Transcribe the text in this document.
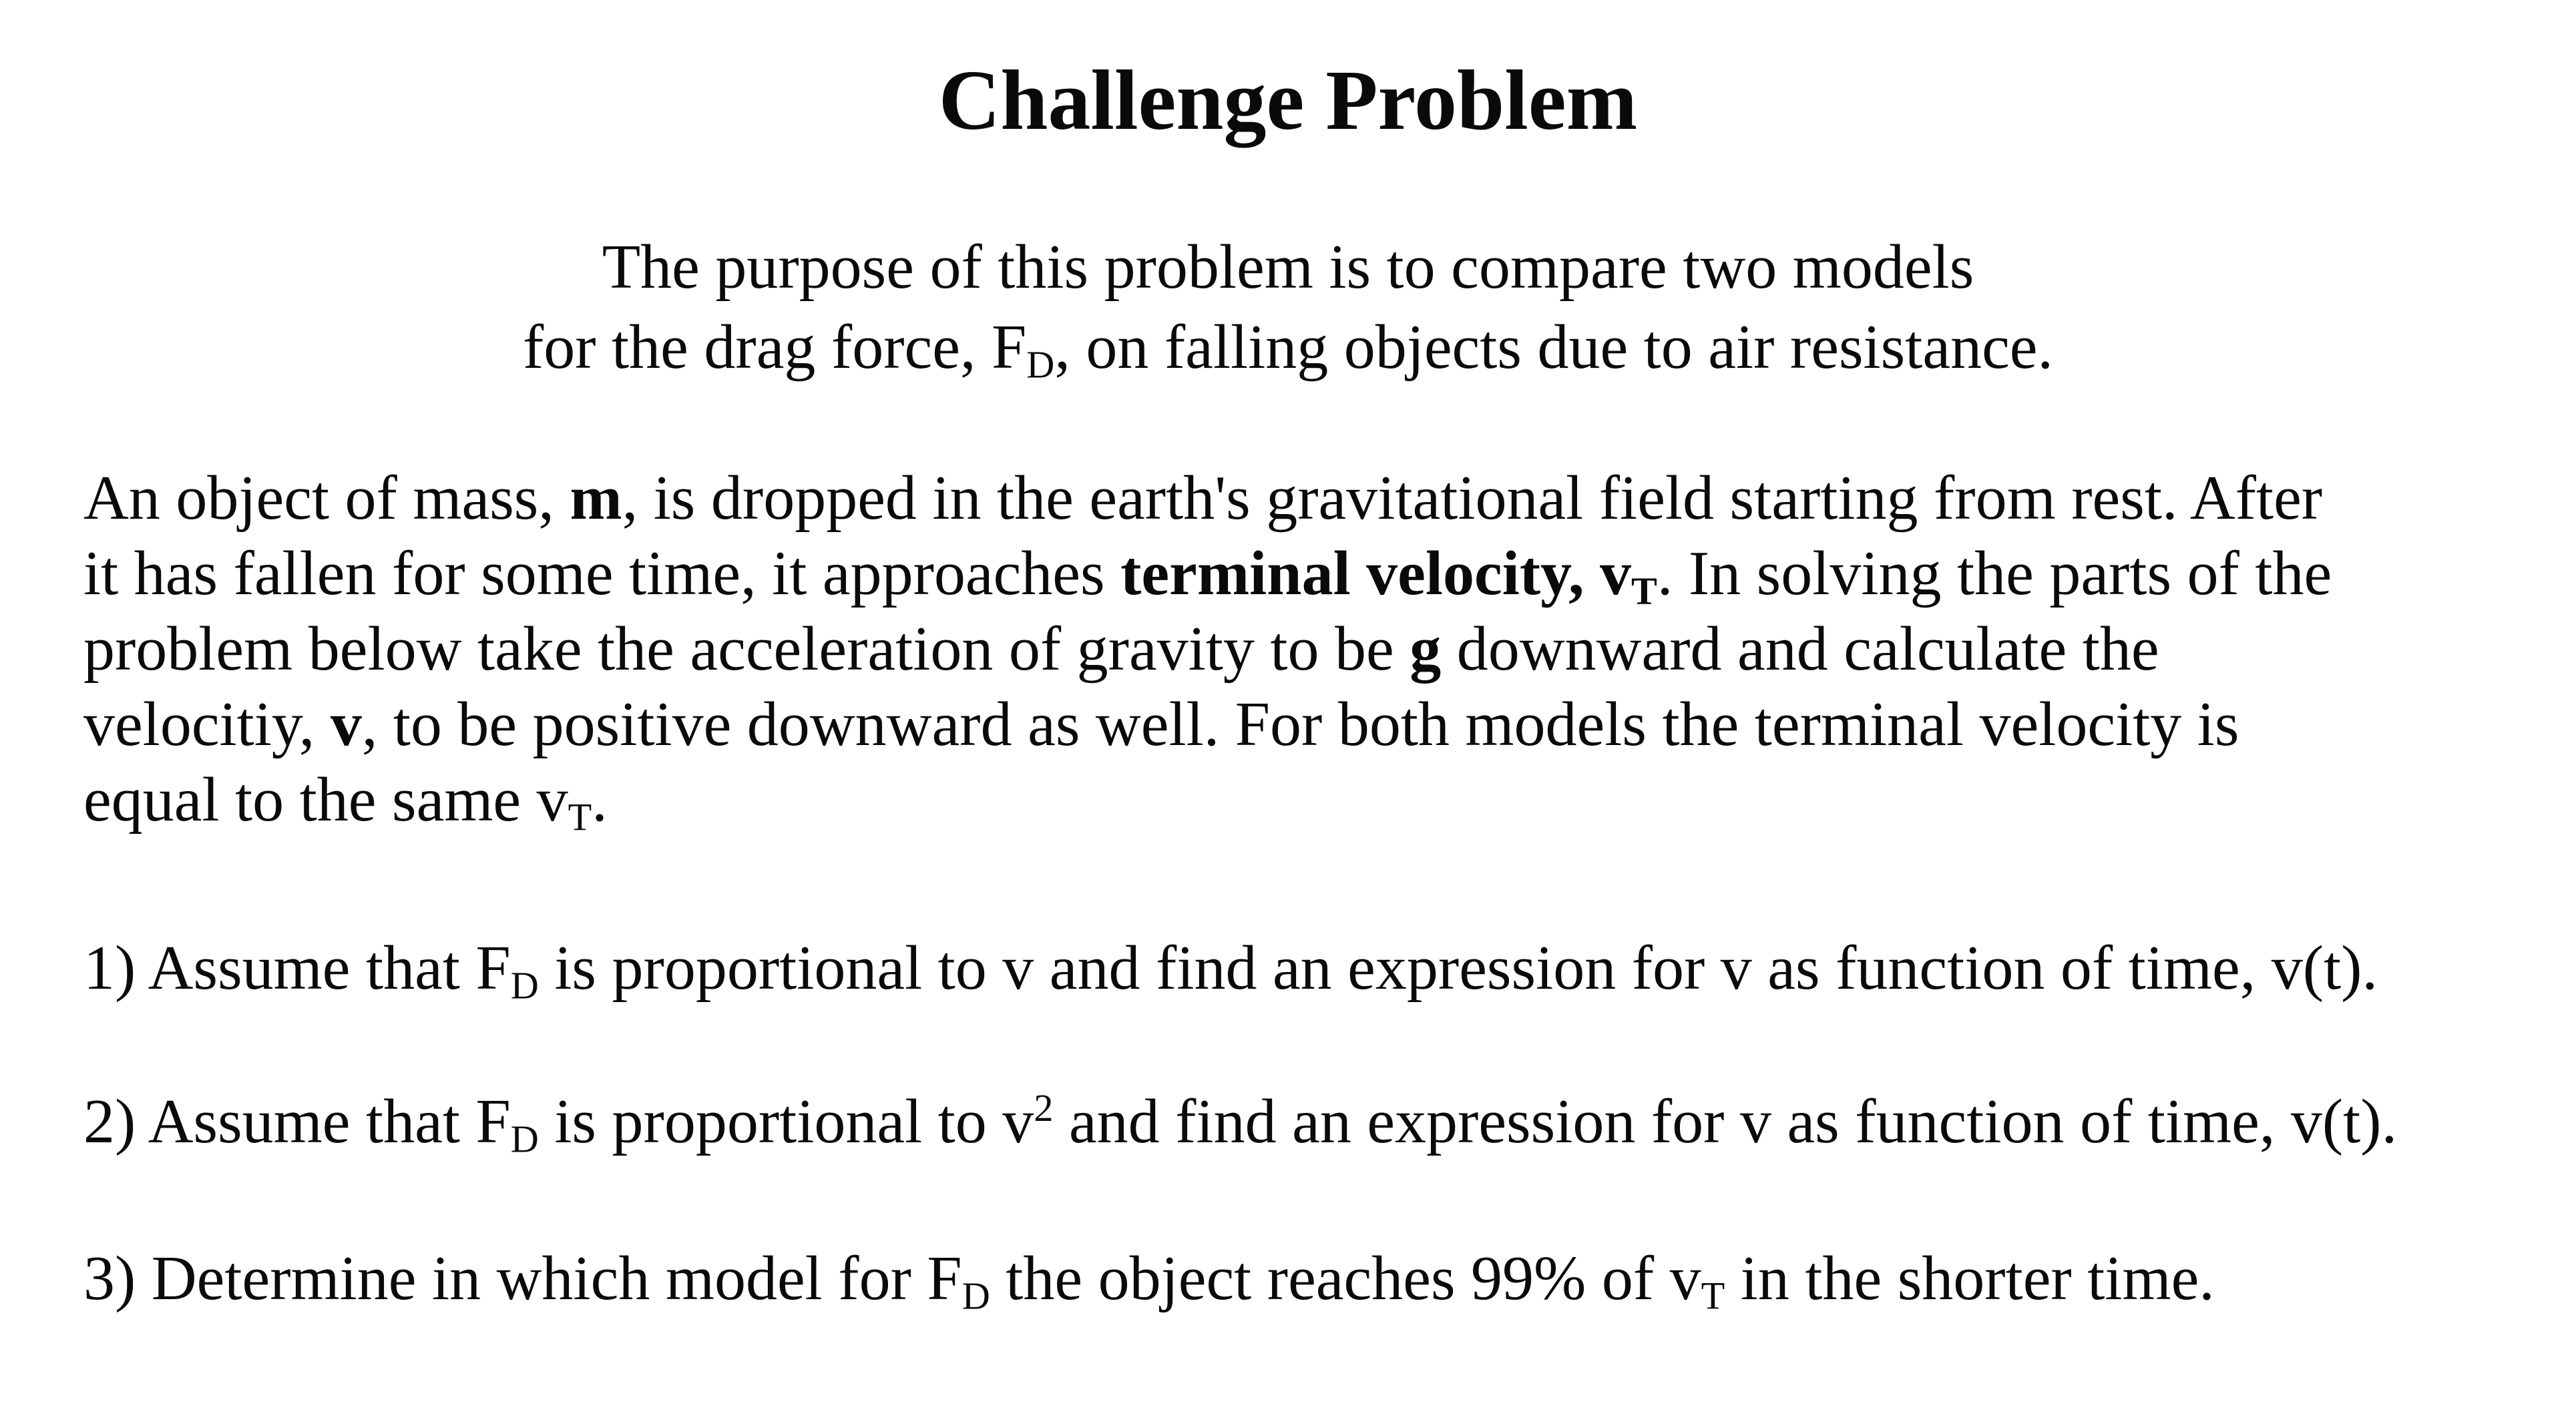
Challenge Problem
The purpose of this problem is to compare two models
for the drag force, $F_D$, on falling objects due to air resistance.
An object of mass, m, is dropped in the earth's gravitational field starting from rest. After
it has fallen for some time, it approaches terminal velocity, $v_T$. In solving the parts of the
problem below take the acceleration of gravity to be g downward and calculate the
velocitiy, v, to be positive downward as well. For both models the terminal velocity is
equal to the same $v_T$.

1) Assume that $F_D$ is proportional to v and find an expression for v as function of time, v(t).

2) Assume that $F_D$ is proportional to $v^2$ and find an expression for v as function of time, v(t).

3) Determine in which model for $F_D$ the object reaches 99% of $v_T$ in the shorter time.
